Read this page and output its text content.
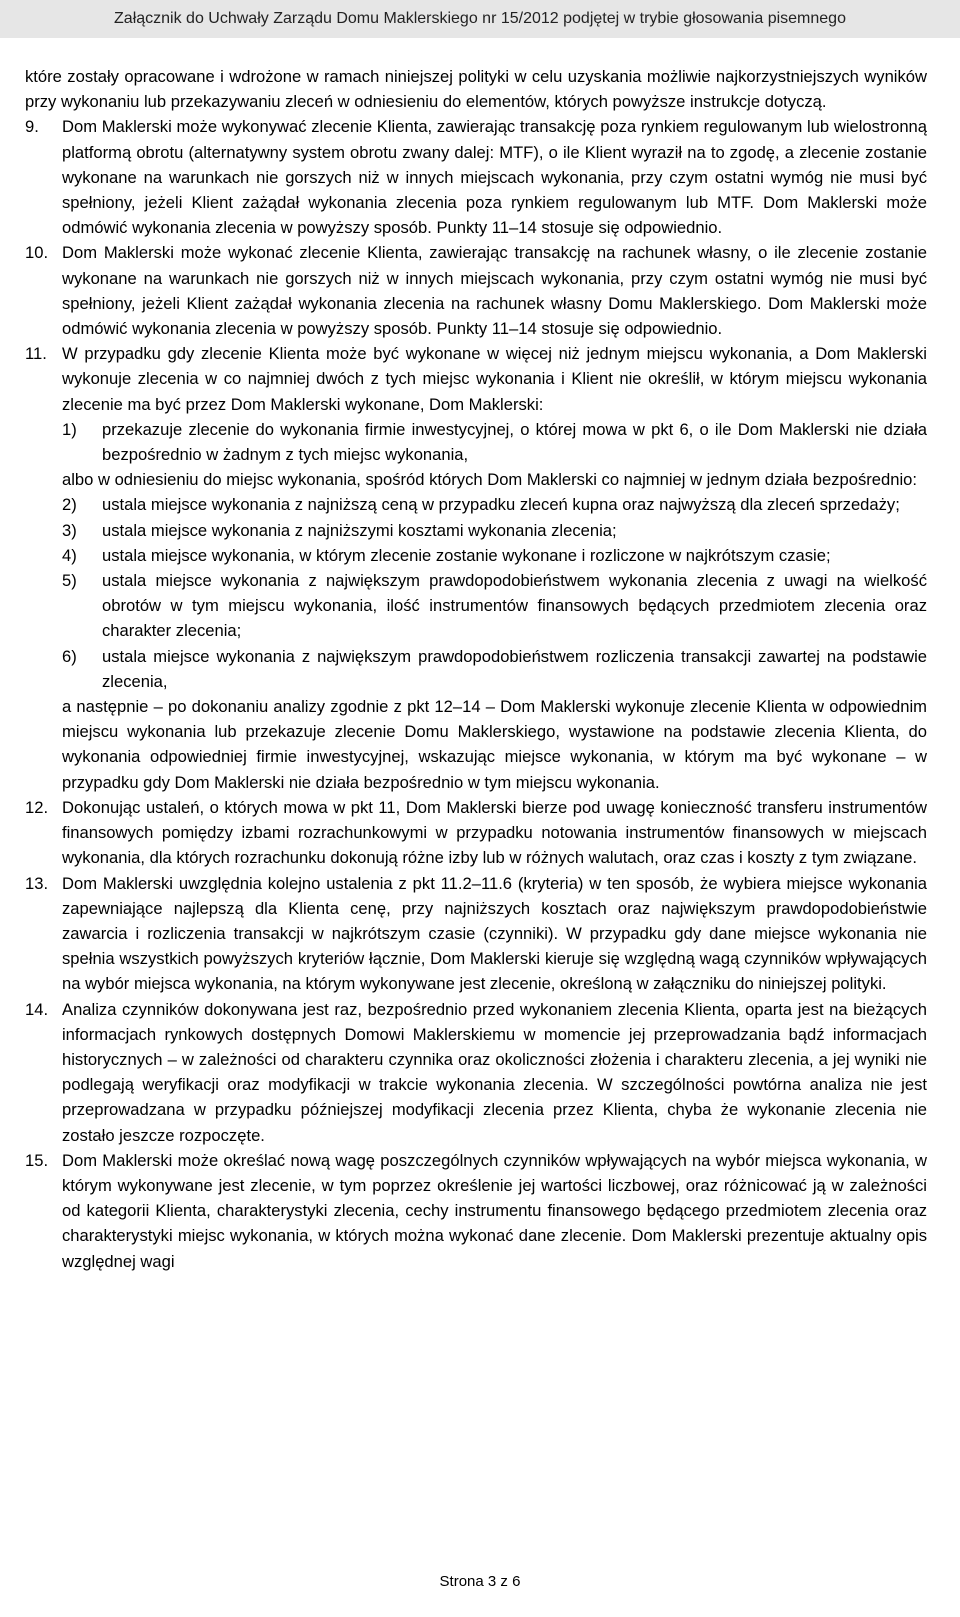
Załącznik do Uchwały Zarządu Domu Maklerskiego nr 15/2012 podjętej w trybie głosowania pisemnego

które zostały opracowane i wdrożone w ramach niniejszej polityki w celu uzyskania możliwie najkorzystniejszych wyników przy wykonaniu lub przekazywaniu zleceń w odniesieniu do elementów, których powyższe instrukcje dotyczą.

9.	Dom Maklerski może wykonywać zlecenie Klienta, zawierając transakcję poza rynkiem regulowanym lub wielostronną platformą obrotu (alternatywny system obrotu zwany dalej: MTF), o ile Klient wyraził na to zgodę, a zlecenie zostanie wykonane na warunkach nie gorszych niż w innych miejscach wykonania, przy czym ostatni wymóg nie musi być spełniony, jeżeli Klient zażądał wykonania zlecenia poza rynkiem regulowanym lub MTF. Dom Maklerski może odmówić wykonania zlecenia w powyższy sposób. Punkty 11–14 stosuje się odpowiednio.
10. Dom Maklerski może wykonać zlecenie Klienta, zawierając transakcję na rachunek własny, o ile zlecenie zostanie wykonane na warunkach nie gorszych niż w innych miejscach wykonania, przy czym ostatni wymóg nie musi być spełniony, jeżeli Klient zażądał wykonania zlecenia na rachunek własny Domu Maklerskiego. Dom Maklerski może odmówić wykonania zlecenia w powyższy sposób. Punkty 11–14 stosuje się odpowiednio.
11. W przypadku gdy zlecenie Klienta może być wykonane w więcej niż jednym miejscu wykonania, a Dom Maklerski wykonuje zlecenia w co najmniej dwóch z tych miejsc wykonania i Klient nie określił, w którym miejscu wykonania zlecenie ma być przez Dom Maklerski wykonane, Dom Maklerski:
1)	przekazuje zlecenie do wykonania firmie inwestycyjnej, o której mowa w pkt 6, o ile Dom Maklerski nie działa bezpośrednio w żadnym z tych miejsc wykonania,

albo w odniesieniu do miejsc wykonania, spośród których Dom Maklerski co najmniej w jednym działa bezpośrednio:

2)	ustala miejsce wykonania z najniższą ceną w przypadku zleceń kupna oraz najwyższą dla zleceń sprzedaży;
3)	ustala miejsce wykonania z najniższymi kosztami wykonania zlecenia;
4)	ustala miejsce wykonania, w którym zlecenie zostanie wykonane i rozliczone w najkrótszym czasie;
5)	ustala miejsce wykonania z największym prawdopodobieństwem wykonania zlecenia z uwagi na wielkość obrotów w tym miejscu wykonania, ilość instrumentów finansowych będących przedmiotem zlecenia oraz charakter zlecenia;
6)	ustala miejsce wykonania z największym prawdopodobieństwem rozliczenia transakcji zawartej na podstawie zlecenia,

a następnie – po dokonaniu analizy zgodnie z pkt 12–14 – Dom Maklerski wykonuje zlecenie Klienta w odpowiednim miejscu wykonania lub przekazuje zlecenie Domu Maklerskiego, wystawione na podstawie zlecenia Klienta, do wykonania odpowiedniej firmie inwestycyjnej, wskazując miejsce wykonania, w którym ma być wykonane – w przypadku gdy Dom Maklerski nie działa bezpośrednio w tym miejscu wykonania.

12. Dokonując ustaleń, o których mowa w pkt 11, Dom Maklerski bierze pod uwagę konieczność transferu instrumentów finansowych pomiędzy izbami rozrachunkowymi w przypadku notowania instrumentów finansowych w miejscach wykonania, dla których rozrachunku dokonują różne izby lub w różnych walutach, oraz czas i koszty z tym związane.
13. Dom Maklerski uwzględnia kolejno ustalenia z pkt 11.2–11.6 (kryteria) w ten sposób, że wybiera miejsce wykonania zapewniające najlepszą dla Klienta cenę, przy najniższych kosztach oraz największym prawdopodobieństwie zawarcia i rozliczenia transakcji w najkrótszym czasie (czynniki). W przypadku gdy dane miejsce wykonania nie spełnia wszystkich powyższych kryteriów łącznie, Dom Maklerski kieruje się względną wagą czynników wpływających na wybór miejsca wykonania, na którym wykonywane jest zlecenie, określoną w załączniku do niniejszej polityki.
14. Analiza czynników dokonywana jest raz, bezpośrednio przed wykonaniem zlecenia Klienta, oparta jest na bieżących informacjach rynkowych dostępnych Domowi Maklerskiemu w momencie jej przeprowadzania bądź informacjach historycznych – w zależności od charakteru czynnika oraz okoliczności złożenia i charakteru zlecenia, a jej wyniki nie podlegają weryfikacji oraz modyfikacji w trakcie wykonania zlecenia. W szczególności powtórna analiza nie jest przeprowadzana w przypadku późniejszej modyfikacji zlecenia przez Klienta, chyba że wykonanie zlecenia nie zostało jeszcze rozpoczęte.
15. Dom Maklerski może określać nową wagę poszczególnych czynników wpływających na wybór miejsca wykonania, w którym wykonywane jest zlecenie, w tym poprzez określenie jej wartości liczbowej, oraz różnicować ją w zależności od kategorii Klienta, charakterystyki zlecenia, cechy instrumentu finansowego będącego przedmiotem zlecenia oraz charakterystyki miejsc wykonania, w których można wykonać dane zlecenie. Dom Maklerski prezentuje aktualny opis względnej wagi
Strona 3 z 6
